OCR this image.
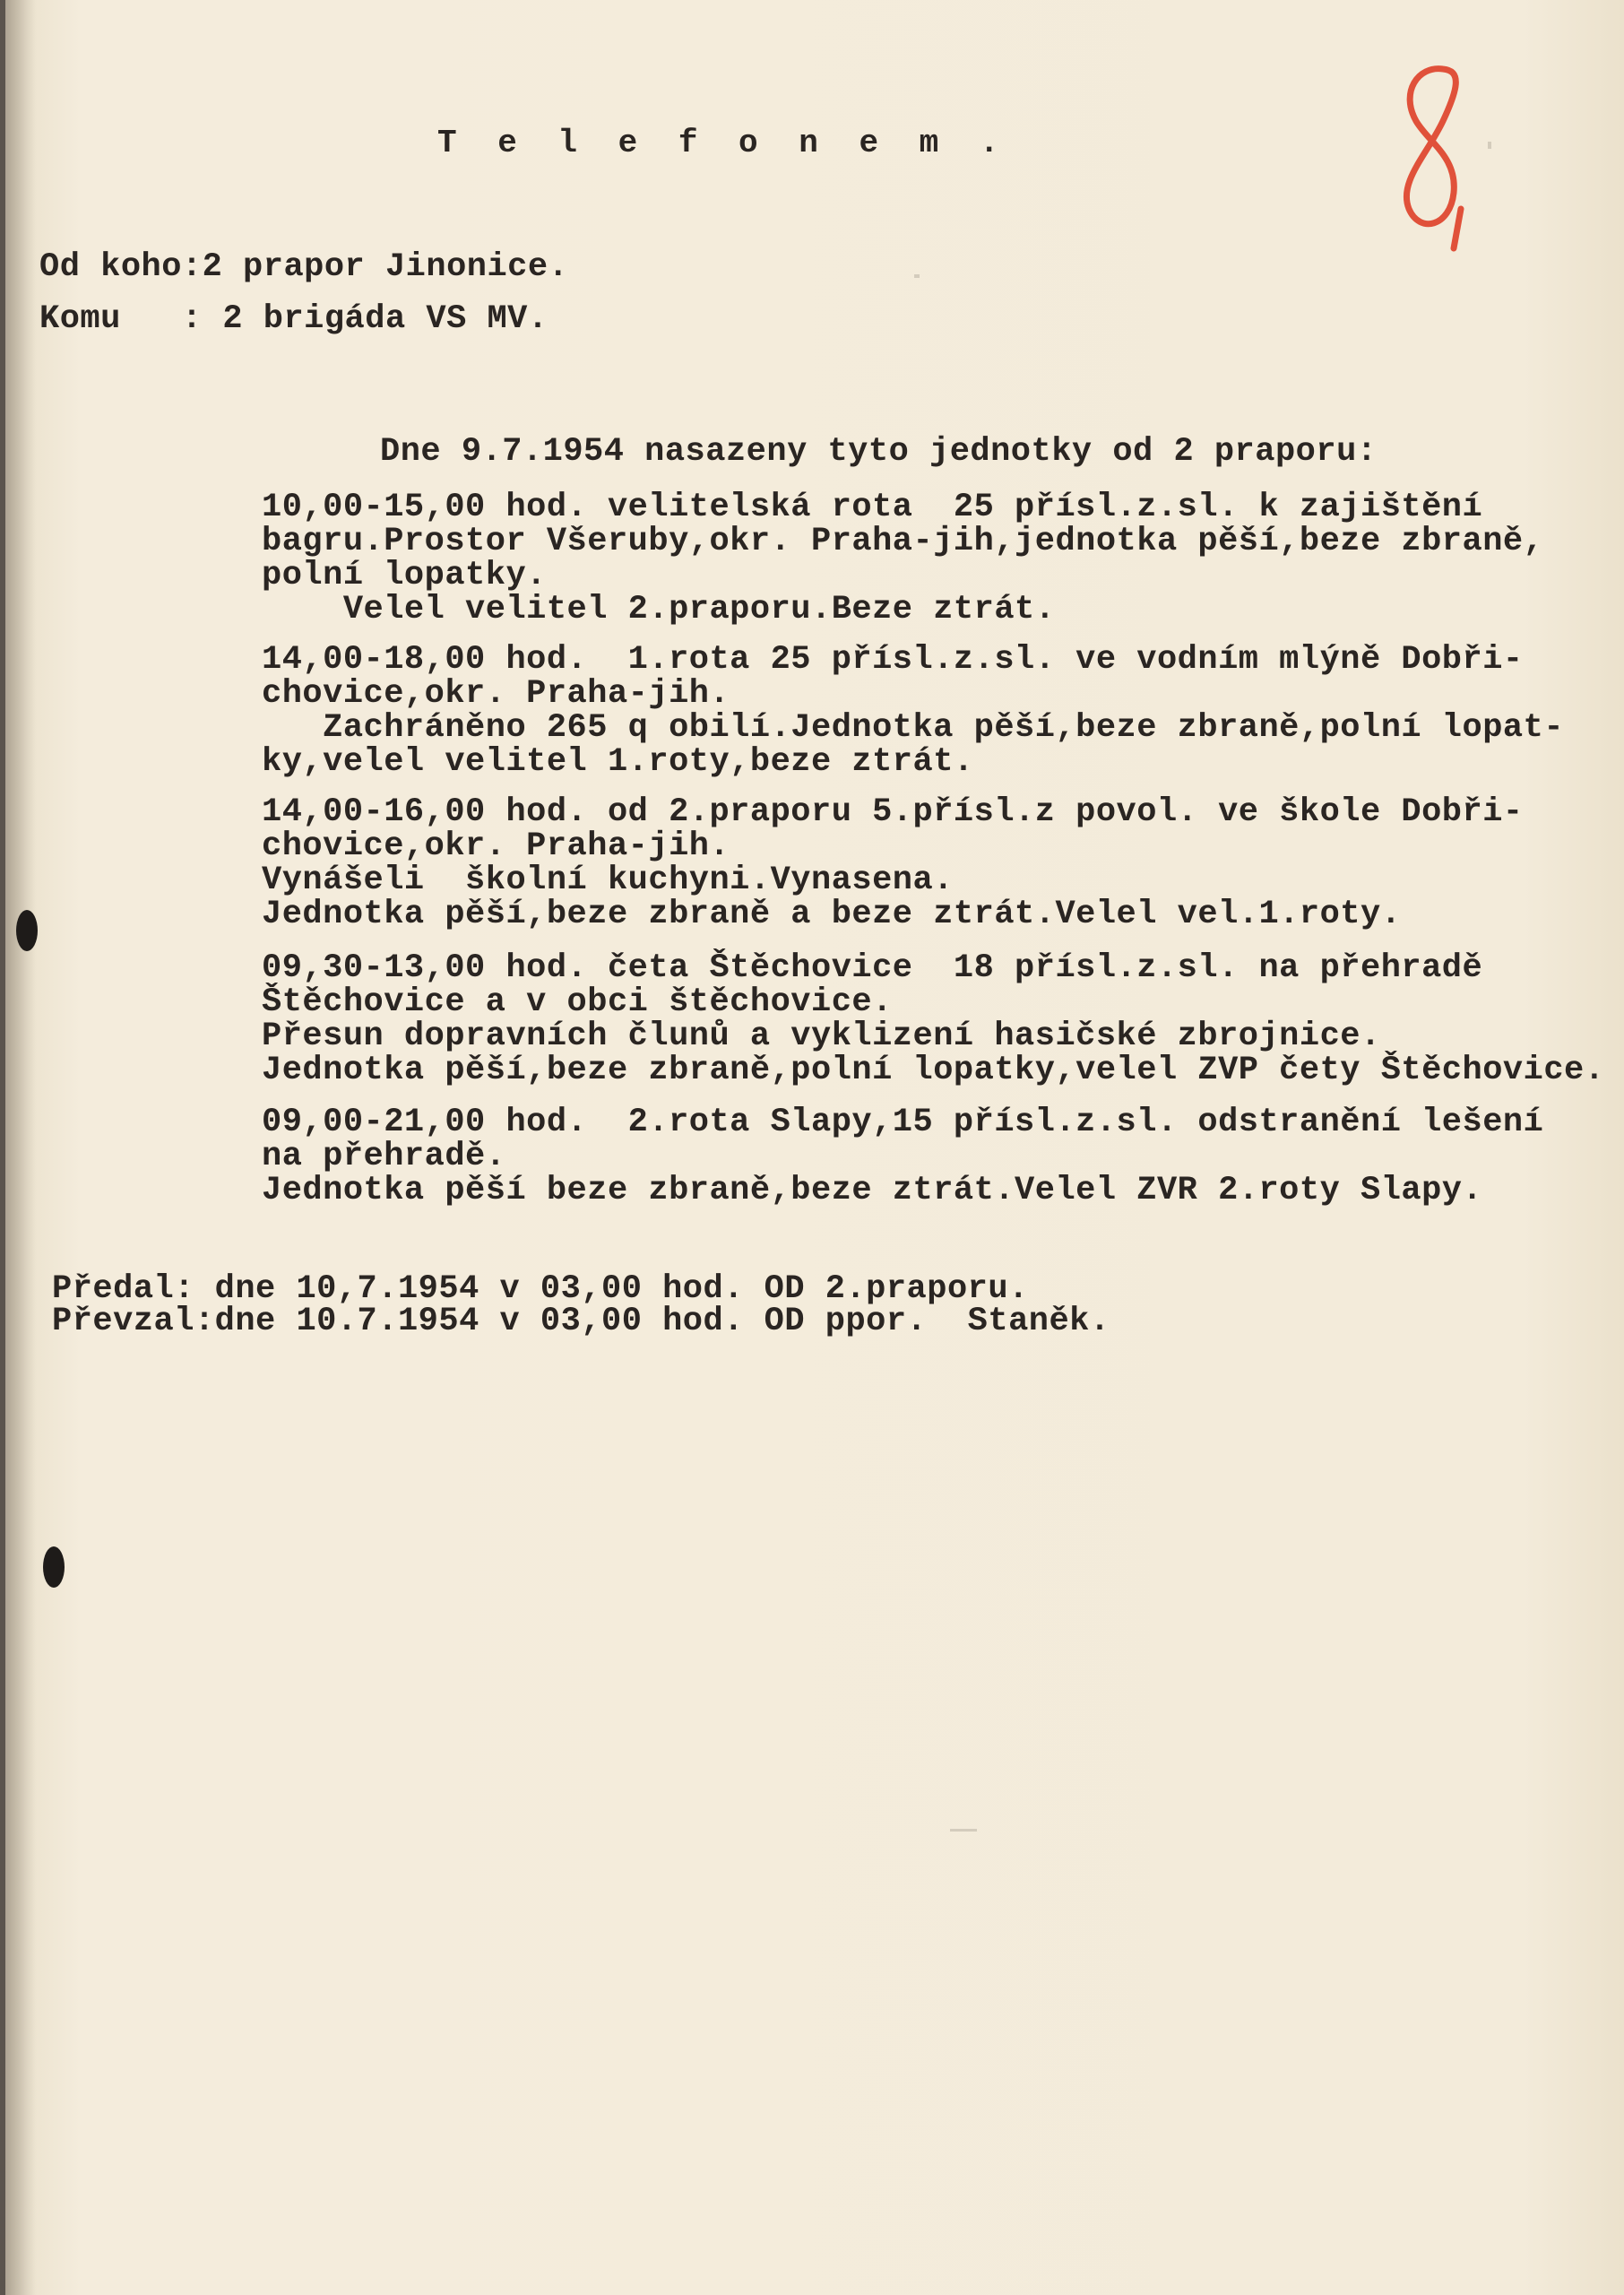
T e l e f o n e m .
Od koho:2 prapor Jinonice.
Komu   : 2 brigáda VS MV.
Dne 9.7.1954 nasazeny tyto jednotky od 2 praporu:
10,00-15,00 hod. velitelská rota  25 přísl.z.sl. k zajištění
bagru.Prostor Všeruby,okr. Praha-jih,jednotka pěší,beze zbraně,
polní lopatky.
Velel velitel 2.praporu.Beze ztrát.
14,00-18,00 hod.  1.rota 25 přísl.z.sl. ve vodním mlýně Dobři-
chovice,okr. Praha-jih.
Zachráněno 265 q obilí.Jednotka pěší,beze zbraně,polní lopat-
ky,velel velitel 1.roty,beze ztrát.
14,00-16,00 hod. od 2.praporu 5.přísl.z povol. ve škole Dobři-
chovice,okr. Praha-jih.
Vynášeli  školní kuchyni.Vynasena.
Jednotka pěší,beze zbraně a beze ztrát.Velel vel.1.roty.
09,30-13,00 hod. četa Štěchovice  18 přísl.z.sl. na přehradě
Štěchovice a v obci štěchovice.
Přesun dopravních člunů a vyklizení hasičské zbrojnice.
Jednotka pěší,beze zbraně,polní lopatky,velel ZVP čety Štěchovice.
09,00-21,00 hod.  2.rota Slapy,15 přísl.z.sl. odstranění lešení
na přehradě.
Jednotka pěší beze zbraně,beze ztrát.Velel ZVR 2.roty Slapy.
Předal: dne 10,7.1954 v 03,00 hod. OD 2.praporu.
Převzal:dne 10.7.1954 v 03,00 hod. OD ppor.  Staněk.
